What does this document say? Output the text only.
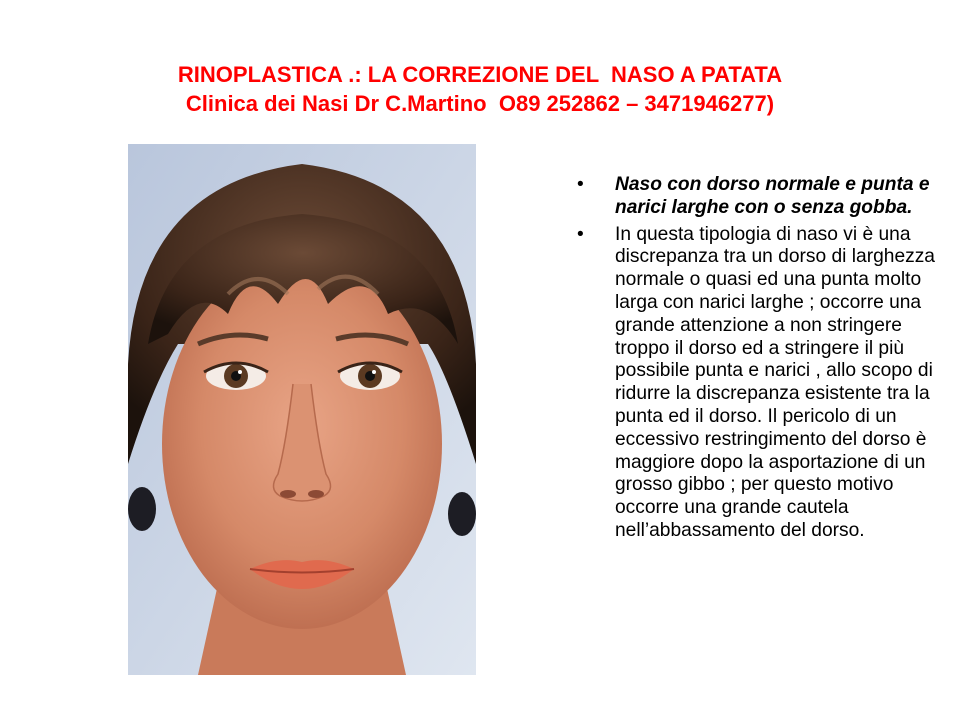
RINOPLASTICA .: LA CORREZIONE DEL  NASO A PATATA
Clinica dei Nasi Dr C.Martino  O89 252862 – 3471946277)
• Naso con dorso normale e punta e narici larghe con o senza gobba.
• In questa tipologia di naso vi è una discrepanza tra un dorso di larghezza normale o quasi ed una punta molto larga con narici larghe ; occorre una grande attenzione a non stringere troppo il dorso ed a stringere il più possibile punta e narici , allo scopo di ridurre la discrepanza esistente tra la punta ed il dorso. Il pericolo di un eccessivo restringimento del dorso è maggiore dopo la asportazione di un grosso gibbo ; per questo motivo occorre una grande cautela nell’abbassamento del dorso.
